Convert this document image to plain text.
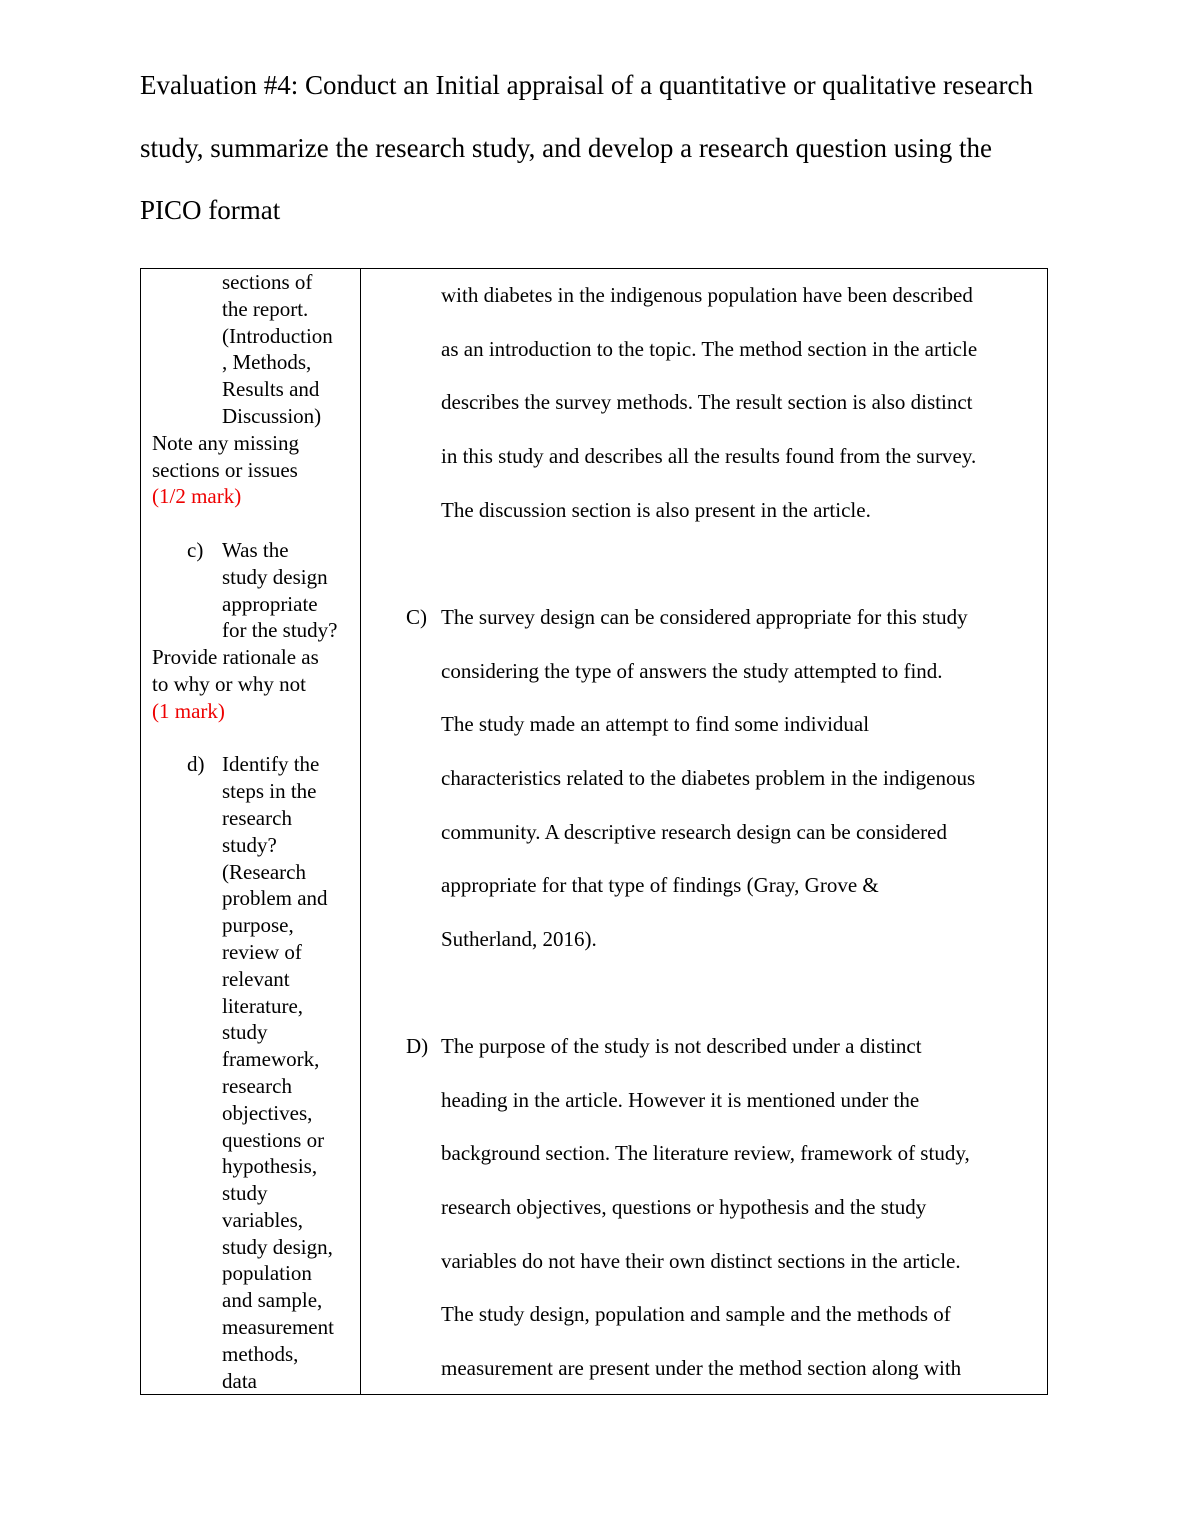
Evaluation #4: Conduct an Initial appraisal of a quantitative or qualitative research
study, summarize the research study, and develop a research question using the
PICO format
sections of
the report.
(Introduction
, Methods,
Results and
Discussion)
Note any missing
sections or issues
(1/2 mark)
c) Was the
study design
appropriate
for the study?
Provide rationale as
to why or why not
(1 mark)
d) Identify the
steps in the
research
study?
(Research
problem and
purpose,
review of
relevant
literature,
study
framework,
research
objectives,
questions or
hypothesis,
study
variables,
study design,
population
and sample,
measurement
methods,
data
with diabetes in the indigenous population have been described
as an introduction to the topic. The method section in the article
describes the survey methods. The result section is also distinct
in this study and describes all the results found from the survey.
The discussion section is also present in the article.
C) The survey design can be considered appropriate for this study
considering the type of answers the study attempted to find.
The study made an attempt to find some individual
characteristics related to the diabetes problem in the indigenous
community. A descriptive research design can be considered
appropriate for that type of findings (Gray, Grove &
Sutherland, 2016).
D) The purpose of the study is not described under a distinct
heading in the article. However it is mentioned under the
background section. The literature review, framework of study,
research objectives, questions or hypothesis and the study
variables do not have their own distinct sections in the article.
The study design, population and sample and the methods of
measurement are present under the method section along with
